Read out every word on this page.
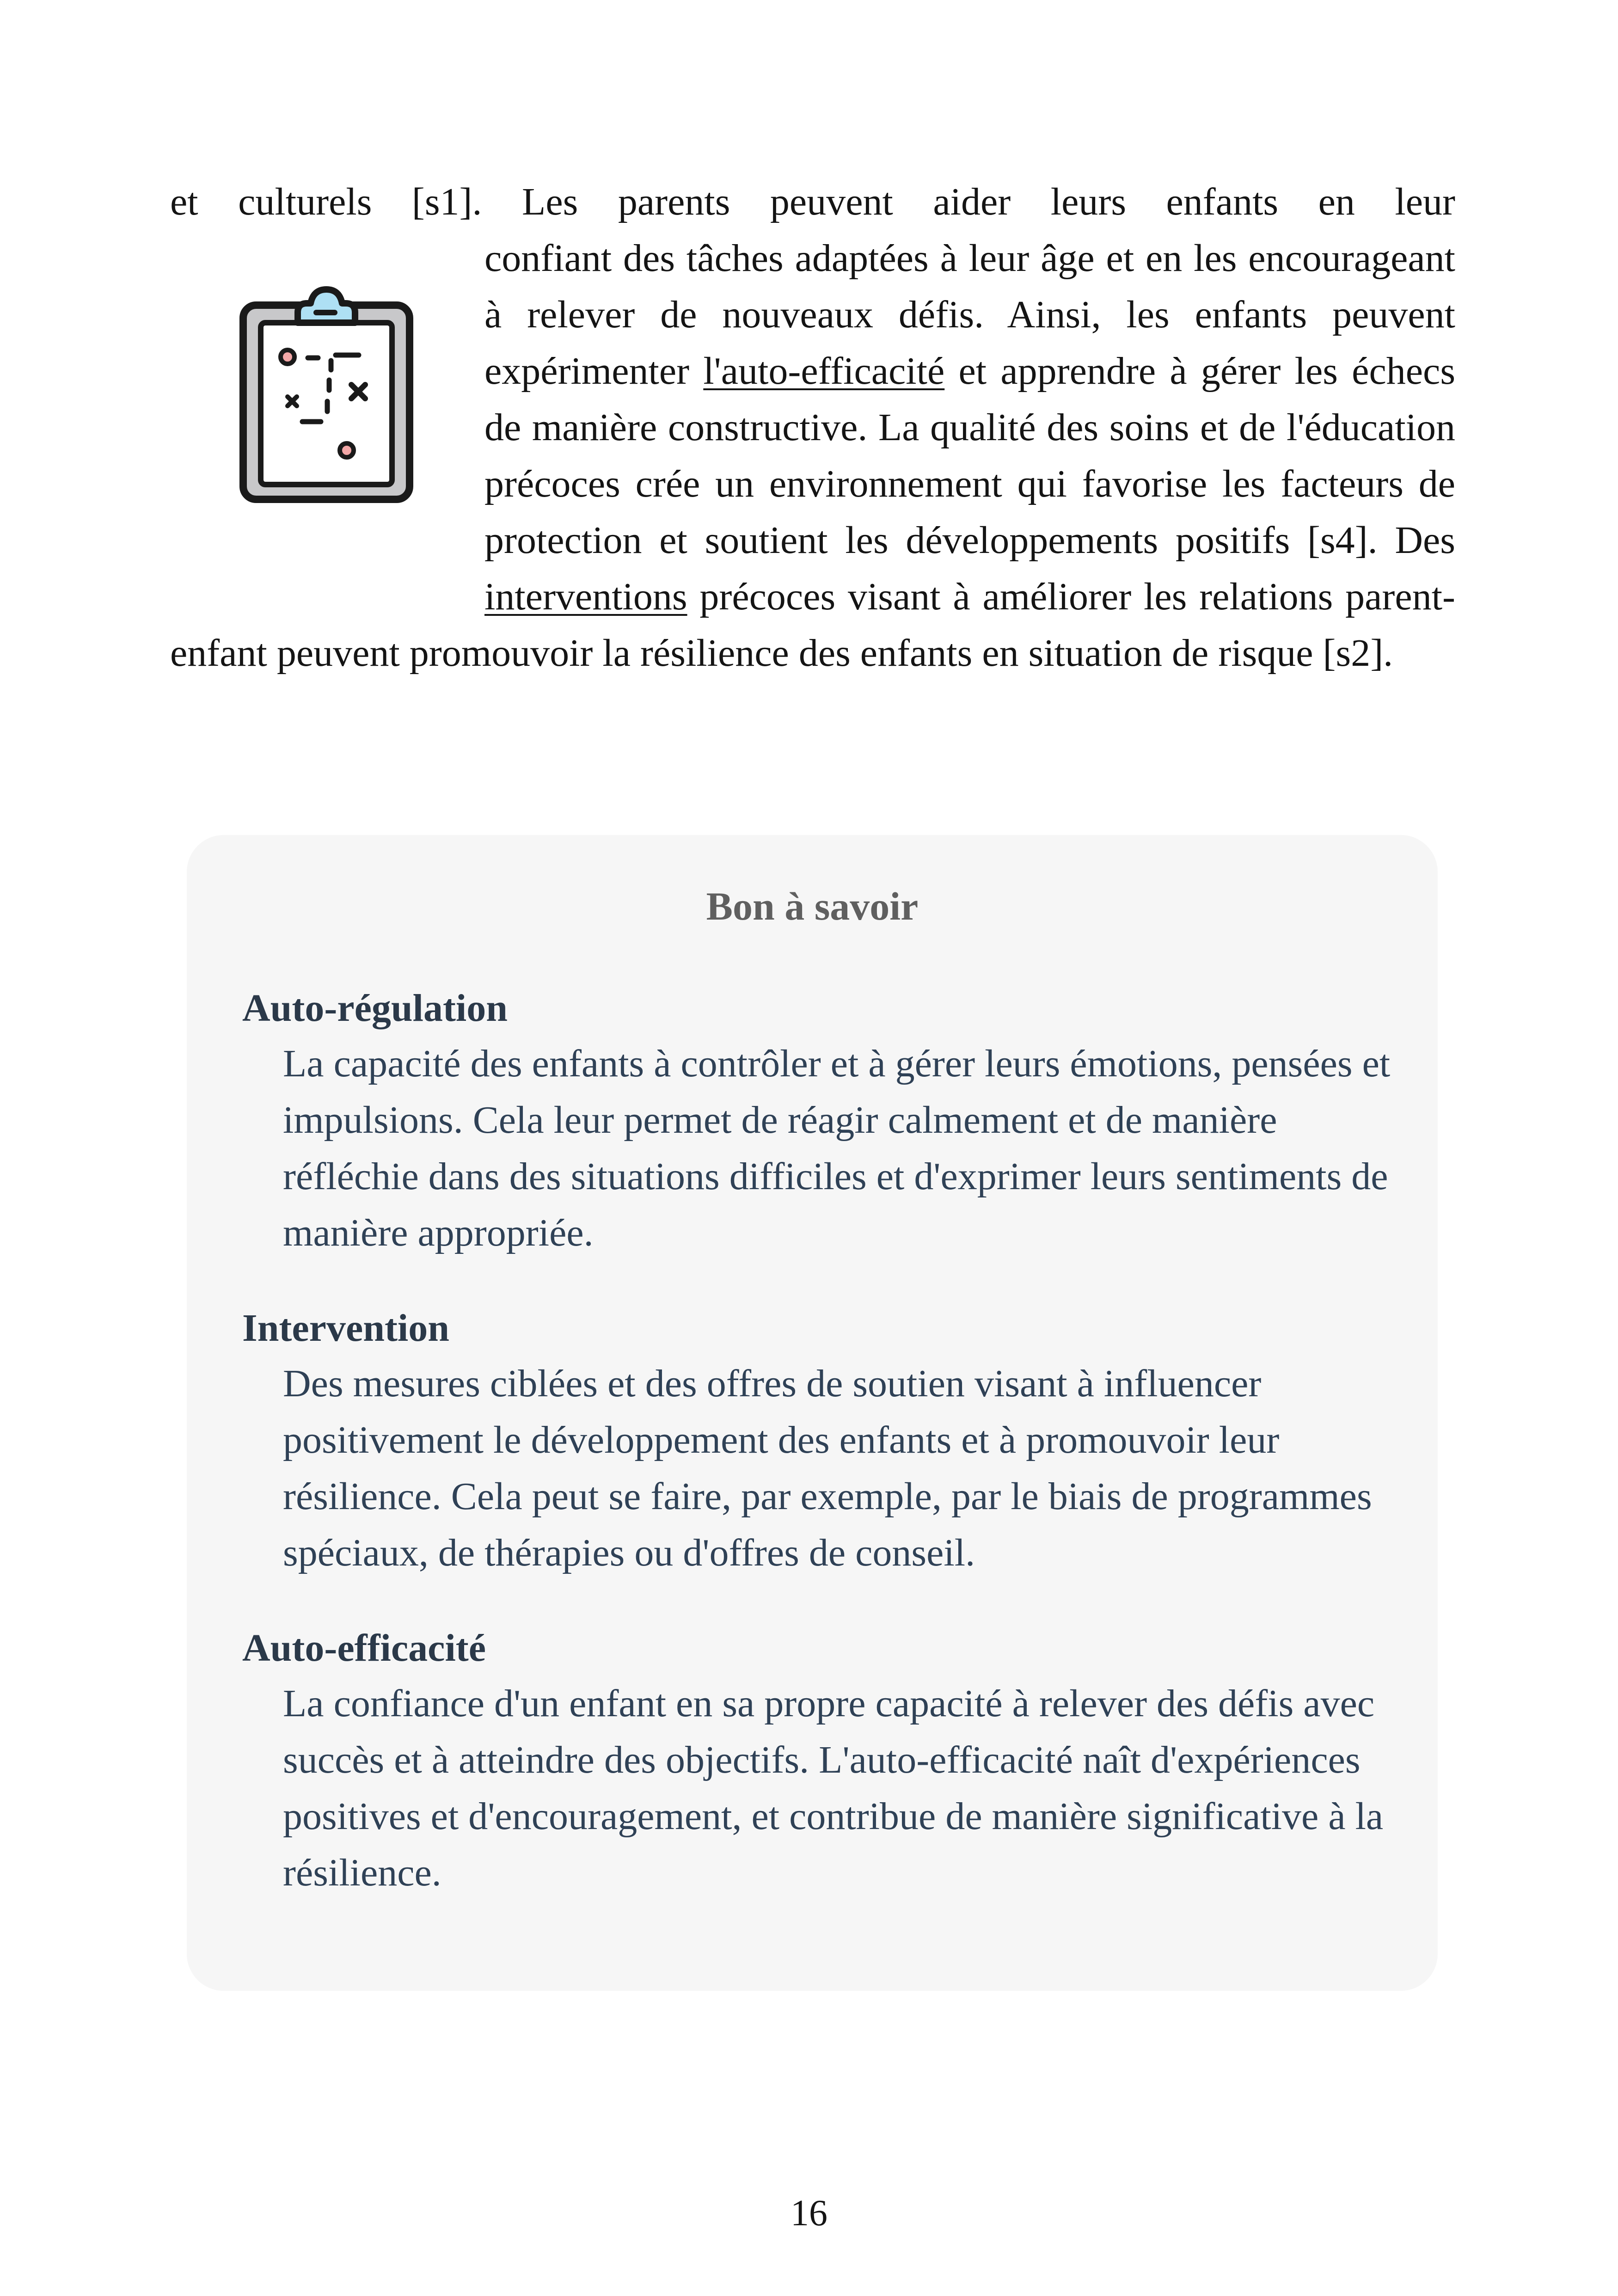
et culturels [s1]. Les parents peuvent aider leurs enfants en leur

confiant des tâches adaptées à leur âge et en les encourageant à relever de nouveaux défis. Ainsi, les enfants peuvent expérimenter l'auto-efficacité et apprendre à gérer les échecs de manière constructive. La qualité des soins et de l'éducation précoces crée un environnement qui favorise les facteurs de protection et soutient les développements positifs [s4]. Des interventions précoces visant à améliorer les relations parent-enfant peuvent promouvoir la résilience des enfants en situation de risque [s2].

Bon à savoir
Auto-régulation
La capacité des enfants à contrôler et à gérer leurs émotions, pensées et impulsions. Cela leur permet de réagir calmement et de manière réfléchie dans des situations difficiles et d'exprimer leurs sentiments de manière appropriée.
Intervention
Des mesures ciblées et des offres de soutien visant à influencer positivement le développement des enfants et à promouvoir leur résilience. Cela peut se faire, par exemple, par le biais de programmes spéciaux, de thérapies ou d'offres de conseil.
Auto-efficacité
La confiance d'un enfant en sa propre capacité à relever des défis avec succès et à atteindre des objectifs. L'auto-efficacité naît d'expériences positives et d'encouragement, et contribue de manière significative à la résilience.
16
